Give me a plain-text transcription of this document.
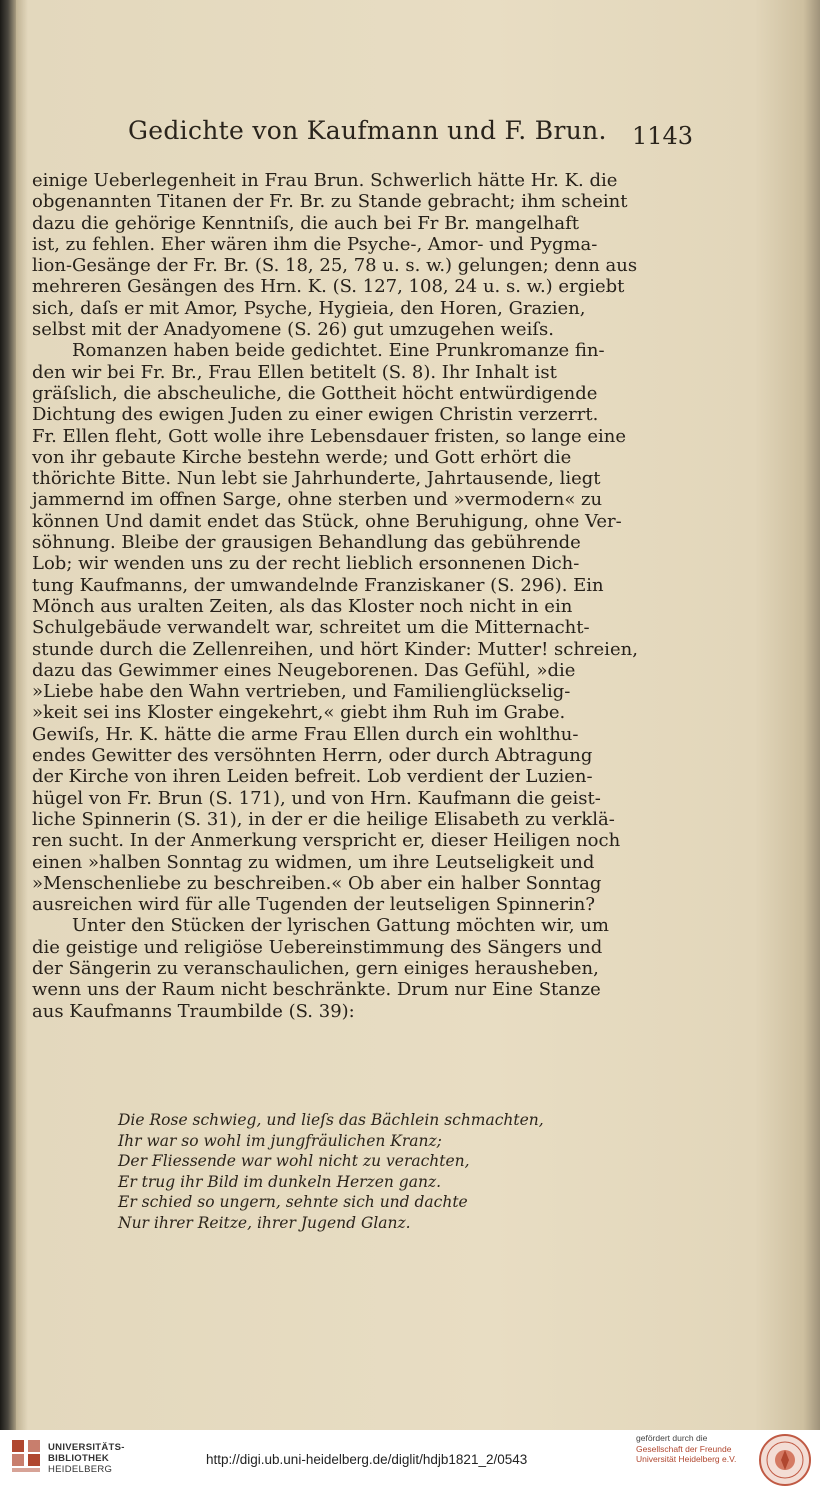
Gedichte von Kaufmann und F. Brun. 1143
einige Ueberlegenheit in Frau Brun. Schwerlich hätte Hr. K. die
obgenannten Titanen der Fr. Br. zu Stande gebracht; ihm scheint
dazu die gehörige Kenntniſs, die auch bei Fr Br. mangelhaft
ist, zu fehlen. Eher wären ihm die Psyche-, Amor- und Pygma-
lion-Gesänge der Fr. Br. (S. 18, 25, 78 u. s. w.) gelungen; denn aus
mehreren Gesängen des Hrn. K. (S. 127, 108, 24 u. s. w.) ergiebt
sich, daſs er mit Amor, Psyche, Hygieia, den Horen, Grazien,
selbst mit der Anadyomene (S. 26) gut umzugehen weiſs.
Romanzen haben beide gedichtet. Eine Prunkromanze fin-
den wir bei Fr. Br., Frau Ellen betitelt (S. 8). Ihr Inhalt ist
gräſslich, die abscheuliche, die Gottheit höcht entwürdigende
Dichtung des ewigen Juden zu einer ewigen Christin verzerrt.
Fr. Ellen fleht, Gott wolle ihre Lebensdauer fristen, so lange eine
von ihr gebaute Kirche bestehn werde; und Gott erhört die
thörichte Bitte. Nun lebt sie Jahrhunderte, Jahrtausende, liegt
jammernd im offnen Sarge, ohne sterben und »vermodern« zu
können Und damit endet das Stück, ohne Beruhigung, ohne Ver-
söhnung. Bleibe der grausigen Behandlung das gebührende
Lob; wir wenden uns zu der recht lieblich ersonnenen Dich-
tung Kaufmanns, der umwandelnde Franziskaner (S. 296). Ein
Mönch aus uralten Zeiten, als das Kloster noch nicht in ein
Schulgebäude verwandelt war, schreitet um die Mitternacht-
stunde durch die Zellenreihen, und hört Kinder: Mutter! schreien,
dazu das Gewimmer eines Neugeborenen. Das Gefühl, »die
»Liebe habe den Wahn vertrieben, und Familienglückselig-
»keit sei ins Kloster eingekehrt,« giebt ihm Ruh im Grabe.
Gewiſs, Hr. K. hätte die arme Frau Ellen durch ein wohlthu-
endes Gewitter des versöhnten Herrn, oder durch Abtragung
der Kirche von ihren Leiden befreit. Lob verdient der Luzien-
hügel von Fr. Brun (S. 171), und von Hrn. Kaufmann die geist-
liche Spinnerin (S. 31), in der er die heilige Elisabeth zu verklä-
ren sucht. In der Anmerkung verspricht er, dieser Heiligen noch
einen »halben Sonntag zu widmen, um ihre Leutseligkeit und
»Menschenliebe zu beschreiben.« Ob aber ein halber Sonntag
ausreichen wird für alle Tugenden der leutseligen Spinnerin?
Unter den Stücken der lyrischen Gattung möchten wir, um
die geistige und religiöse Uebereinstimmung des Sängers und
der Sängerin zu veranschaulichen, gern einiges herausheben,
wenn uns der Raum nicht beschränkte. Drum nur Eine Stanze
aus Kaufmanns Traumbilde (S. 39):
Die Rose schwieg, und lieſs das Bächlein schmachten,
Ihr war so wohl im jungfräulichen Kranz;
Der Fliessende war wohl nicht zu verachten,
Er trug ihr Bild im dunkeln Herzen ganz.
Er schied so ungern, sehnte sich und dachte
Nur ihrer Reitze, ihrer Jugend Glanz.
UNIVERSITÄTS-
BIBLIOTHEK
HEIDELBERG
http://digi.ub.uni-heidelberg.de/diglit/hdjb1821_2/0543
gefördert durch die
Gesellschaft der Freunde
Universität Heidelberg e.V.
